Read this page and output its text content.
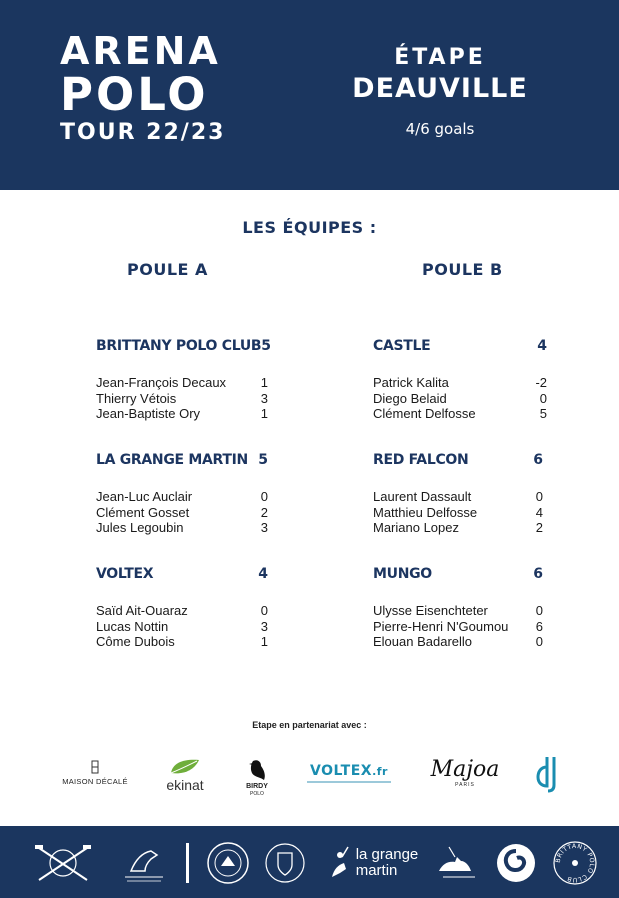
ARENA
POLO
TOUR 22/23
ÉTAPE
DEAUVILLE
4/6 goals
LES ÉQUIPES :
POULE A	POULE B
BRITTANY POLO CLUB 5
Jean-François Decaux	1
Thierry Vétois	3
Jean-Baptiste Ory	1
LA GRANGE MARTIN 5
Jean-Luc Auclair	0
Clément Gosset	2
Jules Legoubin	3
VOLTEX	4
Saïd Ait-Ouaraz	0
Lucas Nottin	3
Côme Dubois	1
CASTLE	4
Patrick Kalita	-2
Diego Belaid	0
Clément Delfosse	5
RED FALCON	6
Laurent Dassault	0
Matthieu Delfosse	4
Mariano Lopez	2
MUNGO	6
Ulysse Eisenchteter	0
Pierre-Henri N'Goumou	6
Elouan Badarello	0
Etape en partenariat avec :
MAISON DÉCALÉ	ekinat	BIRDY
POLO
VOLTEX.fr Majoa
PARIS
la grange
martin
BRITTANY POLO CLUB
